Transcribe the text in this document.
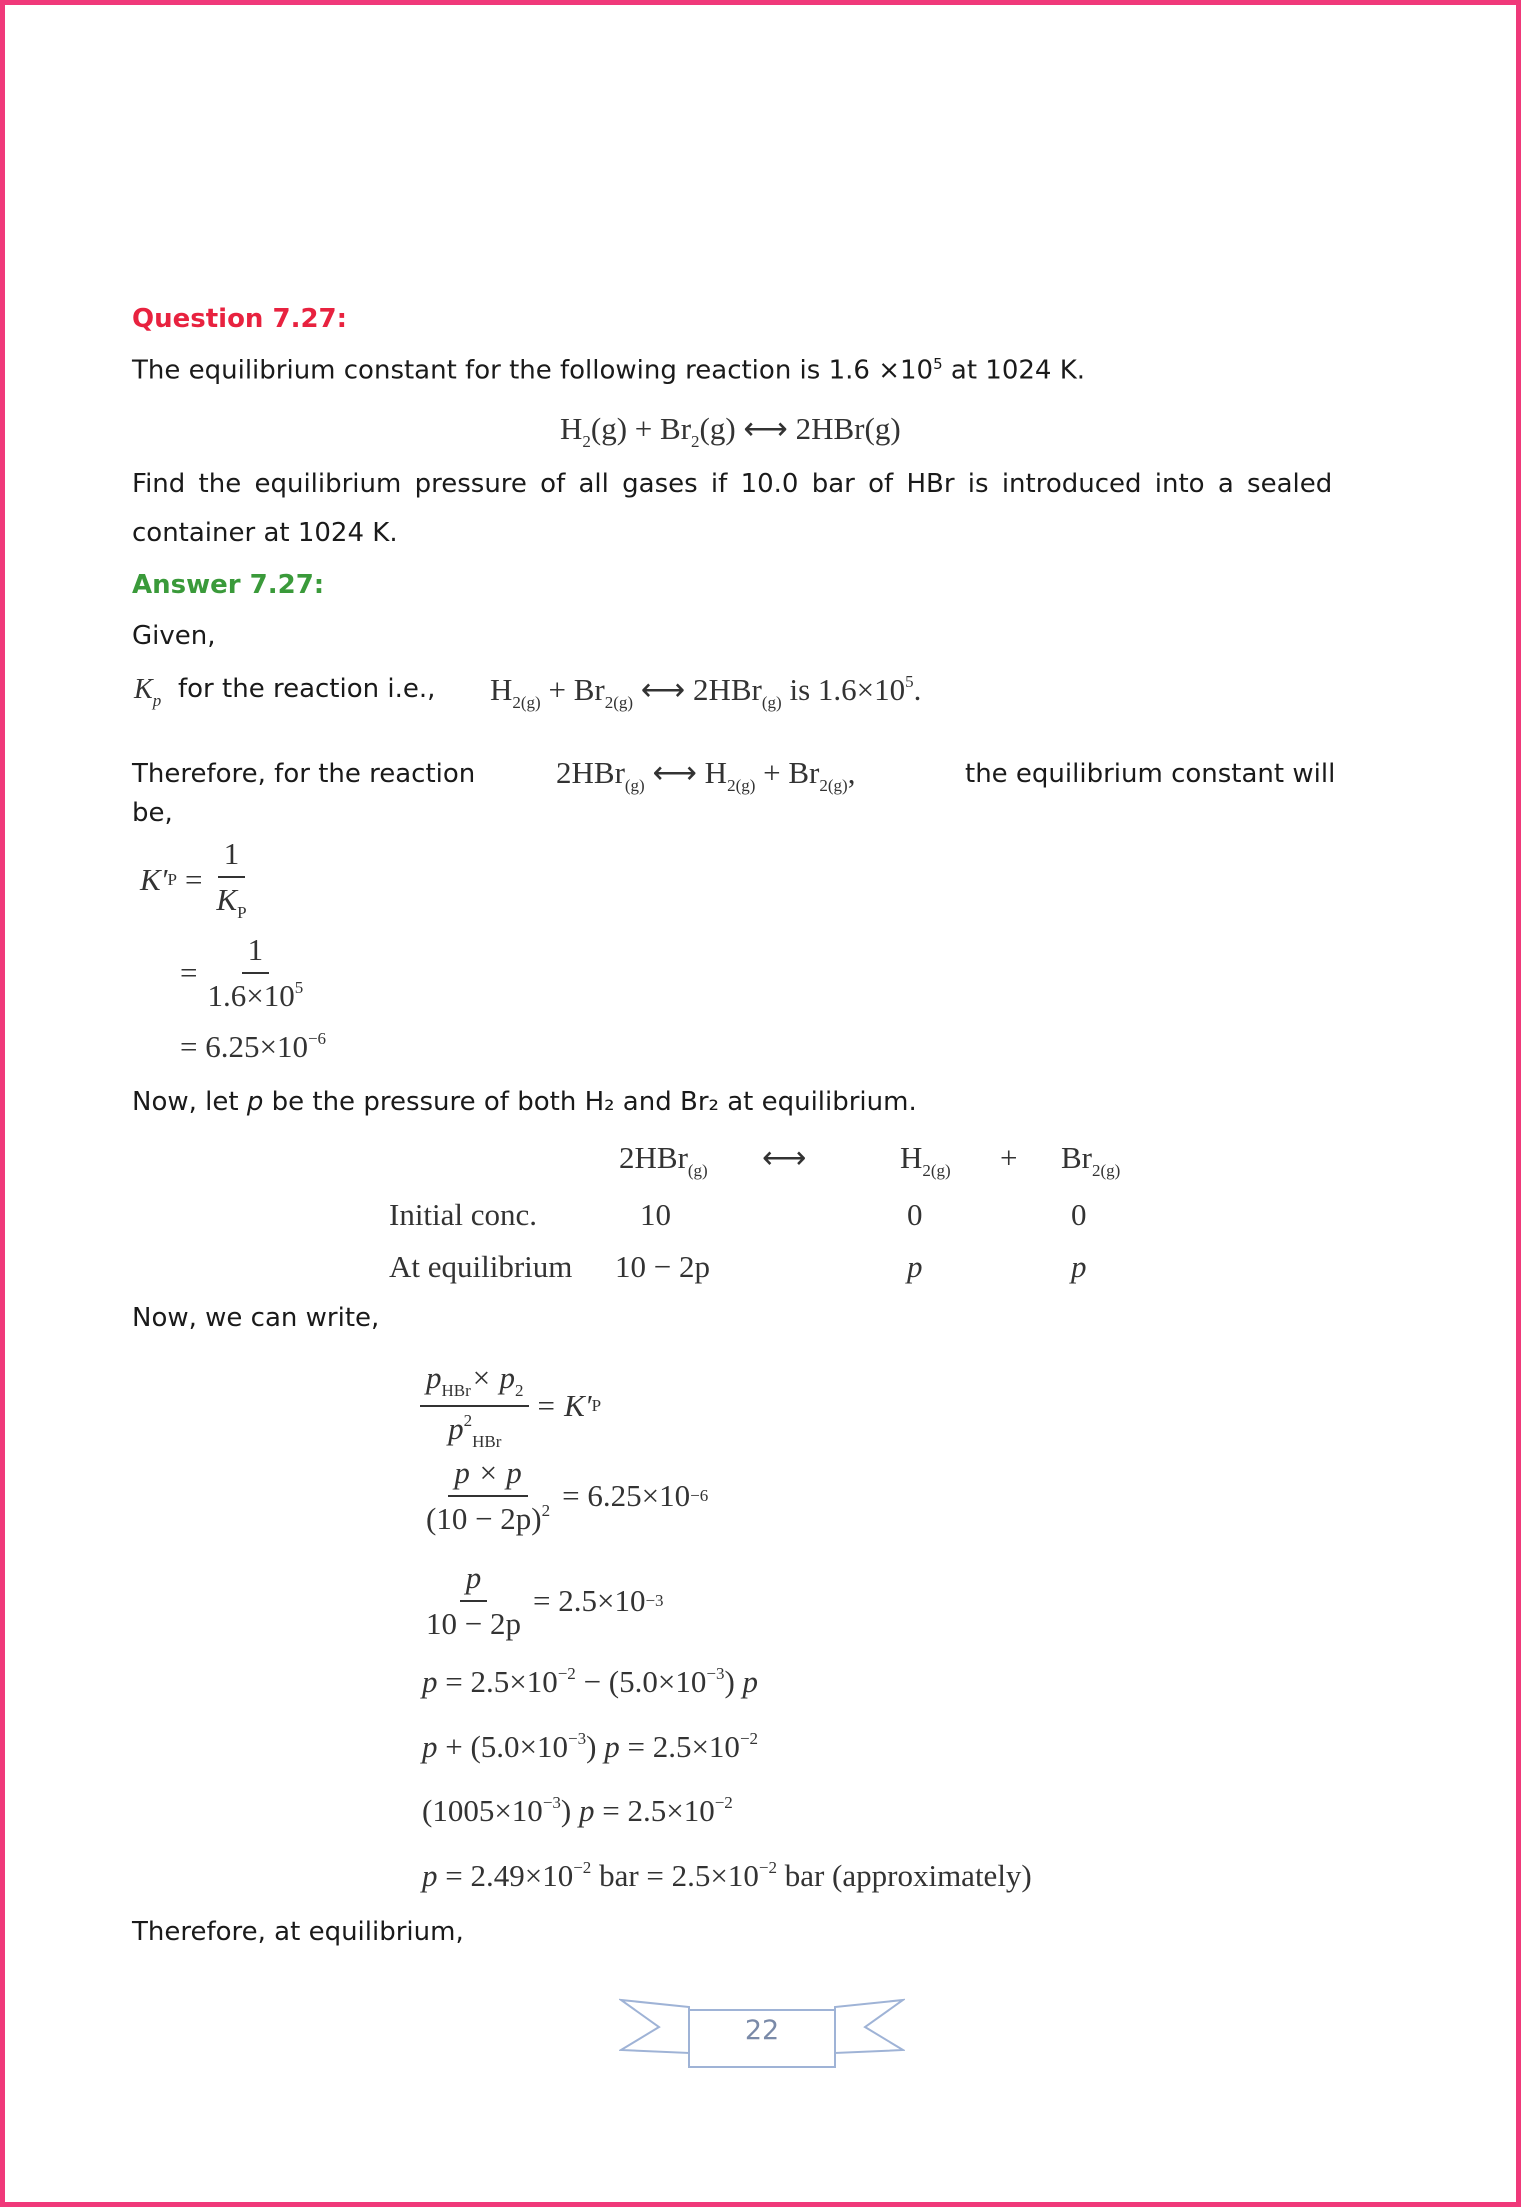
Question 7.27:
The equilibrium constant for the following reaction is $1.6 \times 10^5$ at 1024 K.
$H_2(g) + Br_2(g)$ ⟷ 2HBr(g)
Find the equilibrium pressure of all gases if 10.0 bar of HBr is introduced into a sealed
container at 1024 K.
Answer 7.27:
Given,
$K_p$ for the reaction i.e., $H_{2(g)} + Br_{2(g)}$ ⟷ 2HBr$_{(g)}$ is $1.6\times 10^5$.
Therefore, for the reaction	2HBr$_{(g)}$ ⟷ $H_{2(g)} + Br_{2(g)}$,	the equilibrium constant will
be,
K′ $P = \frac{1}{K_P}$
= $\frac{1}{1.6\times 10^5}$
= $6.25\times 10^{-6}$
Now, let p be the pressure of both H₂ and Br₂ at equilibrium.
2HBr$_{(g)}$ ⟷	$H_{2(g)} + Br_{2(g)}$
Initial conc.	10	0	0
At equilibrium 10 − 2p	p	p
Now, we can write,
$p_{HBr}\times p_2$
$p^2_{HBr}$
= K′ P
$\frac{p \times p}{(10 - 2p)^2} = 6.25\times 10 -6$
$\frac{p}{10 - 2p} = 2.5\times 10 -3$
$p = 2.5\times 10^{-2} - (5.0\times 10^{-3})$ p
$p + (5.0\times 10^{-3}) p = 2.5\times 10^{-2}$
$(1005\times 10^{-3}) p = 2.5\times 10^{-2}$
$p = 2.49\times 10^{-2}$ bar = $2.5\times 10^{-2}$ bar (approximately)
Therefore, at equilibrium,
22
